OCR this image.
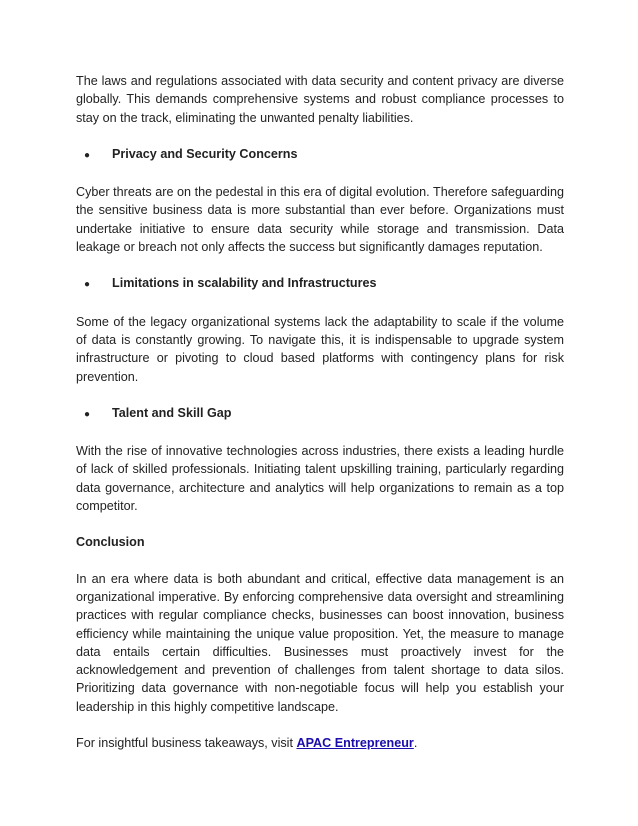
The laws and regulations associated with data security and content privacy are diverse globally. This demands comprehensive systems and robust compliance processes to stay on the track, eliminating the unwanted penalty liabilities.

●	Privacy and Security Concerns

Cyber threats are on the pedestal in this era of digital evolution. Therefore safeguarding the sensitive business data is more substantial than ever before. Organizations must undertake initiative to ensure data security while storage and transmission. Data leakage or breach not only affects the success but significantly damages reputation.

●	Limitations in scalability and Infrastructures

Some of the legacy organizational systems lack the adaptability to scale if the volume of data is constantly growing. To navigate this, it is indispensable to upgrade system infrastructure or pivoting to cloud based platforms with contingency plans for risk prevention.

●	Talent and Skill Gap

With the rise of innovative technologies across industries, there exists a leading hurdle of lack of skilled professionals. Initiating talent upskilling training, particularly regarding data governance, architecture and analytics will help organizations to remain as a top competitor.

Conclusion

In an era where data is both abundant and critical, effective data management is an organizational imperative. By enforcing comprehensive data oversight and streamlining practices with regular compliance checks, businesses can boost innovation, business efficiency while maintaining the unique value proposition. Yet, the measure to manage data entails certain difficulties. Businesses must proactively invest for the acknowledgement and prevention of challenges from talent shortage to data silos. Prioritizing data governance with non-negotiable focus will help you establish your leadership in this highly competitive landscape.

For insightful business takeaways, visit APAC Entrepreneur.
